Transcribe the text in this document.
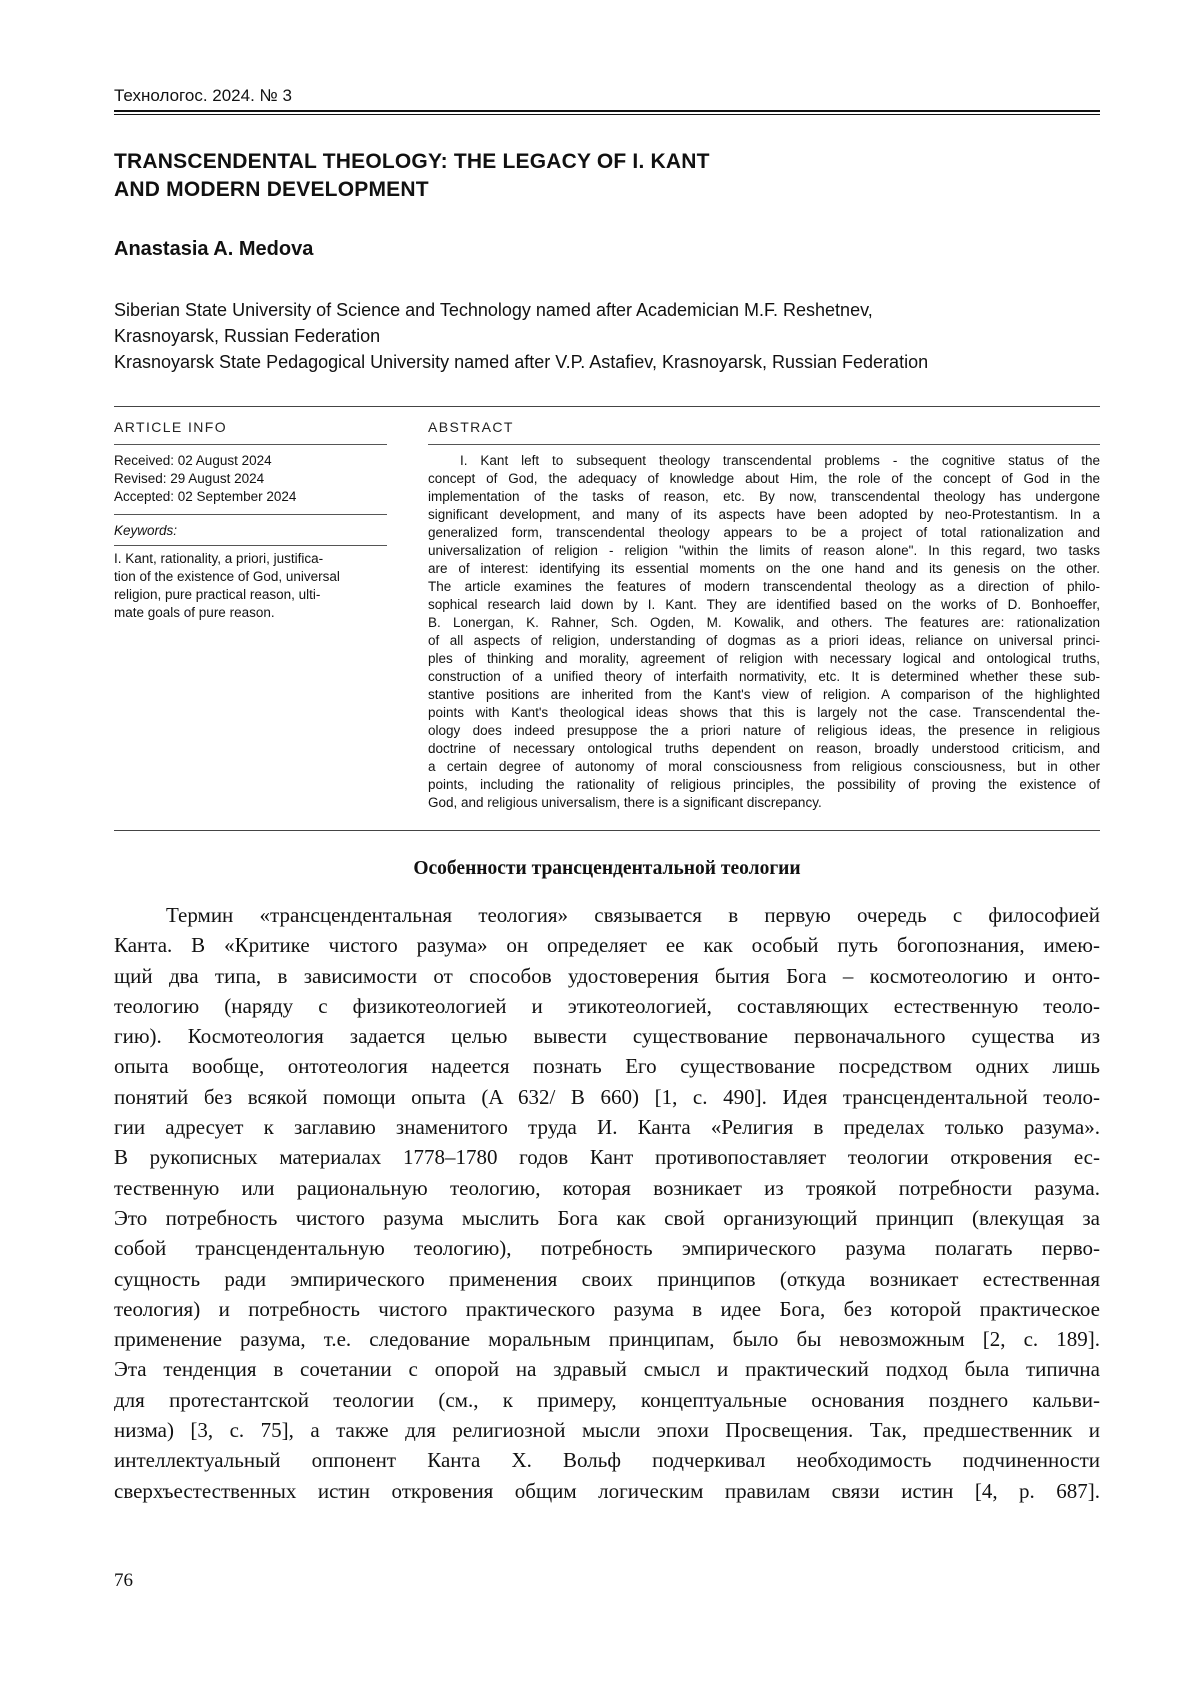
Технологос. 2024. № 3
TRANSCENDENTAL THEOLOGY: THE LEGACY OF I. KANT
AND MODERN DEVELOPMENT
Anastasia A. Medova
Siberian State University of Science and Technology named after Academician M.F. Reshetnev,
Krasnoyarsk, Russian Federation
Krasnoyarsk State Pedagogical University named after V.P. Astafiev, Krasnoyarsk, Russian Federation
ARTICLE INFO
Received: 02 August 2024
Revised: 29 August 2024
Accepted: 02 September 2024
Keywords:
I. Kant, rationality, a priori, justifica-
tion of the existence of God, universal
religion, pure practical reason, ulti-
mate goals of pure reason.
ABSTRACT
I. Kant left to subsequent theology transcendental problems - the cognitive status of the
concept of God, the adequacy of knowledge about Him, the role of the concept of God in the
implementation of the tasks of reason, etc. By now, transcendental theology has undergone
significant development, and many of its aspects have been adopted by neo-Protestantism. In a
generalized form, transcendental theology appears to be a project of total rationalization and
universalization of religion - religion "within the limits of reason alone". In this regard, two tasks
are of interest: identifying its essential moments on the one hand and its genesis on the other.
The article examines the features of modern transcendental theology as a direction of philo-
sophical research laid down by I. Kant. They are identified based on the works of D. Bonhoeffer,
B. Lonergan, K. Rahner, Sch. Ogden, M. Kowalik, and others. The features are: rationalization
of all aspects of religion, understanding of dogmas as a priori ideas, reliance on universal princi-
ples of thinking and morality, agreement of religion with necessary logical and ontological truths,
construction of a unified theory of interfaith normativity, etc. It is determined whether these sub-
stantive positions are inherited from the Kant's view of religion. A comparison of the highlighted
points with Kant's theological ideas shows that this is largely not the case. Transcendental the-
ology does indeed presuppose the a priori nature of religious ideas, the presence in religious
doctrine of necessary ontological truths dependent on reason, broadly understood criticism, and
a certain degree of autonomy of moral consciousness from religious consciousness, but in other
points, including the rationality of religious principles, the possibility of proving the existence of
God, and religious universalism, there is a significant discrepancy.
Особенности трансцендентальной теологии
Термин «трансцендентальная теология» связывается в первую очередь с философией
Канта. В «Критике чистого разума» он определяет ее как особый путь богопознания, имею-
щий два типа, в зависимости от способов удостоверения бытия Бога – космотеологию и онто-
теологию (наряду с физикотеологией и этикотеологией, составляющих естественную теоло-
гию). Космотеология задается целью вывести существование первоначального существа из
опыта вообще, онтотеология надеется познать Его существование посредством одних лишь
понятий без всякой помощи опыта (A 632/ B 660) [1, с. 490]. Идея трансцендентальной теоло-
гии адресует к заглавию знаменитого труда И. Канта «Религия в пределах только разума».
В рукописных материалах 1778–1780 годов Кант противопоставляет теологии откровения ес-
тественную или рациональную теологию, которая возникает из троякой потребности разума.
Это потребность чистого разума мыслить Бога как свой организующий принцип (влекущая за
собой трансцендентальную теологию), потребность эмпирического разума полагать перво-
сущность ради эмпирического применения своих принципов (откуда возникает естественная
теология) и потребность чистого практического разума в идее Бога, без которой практическое
применение разума, т.е. следование моральным принципам, было бы невозможным [2, с. 189].
Эта тенденция в сочетании с опорой на здравый смысл и практический подход была типична
для протестантской теологии (см., к примеру, концептуальные основания позднего кальви-
низма) [3, с. 75], а также для религиозной мысли эпохи Просвещения. Так, предшественник и
интеллектуальный оппонент Канта Х. Вольф подчеркивал необходимость подчиненности
сверхъестественных истин откровения общим логическим правилам связи истин [4, р. 687].
76
